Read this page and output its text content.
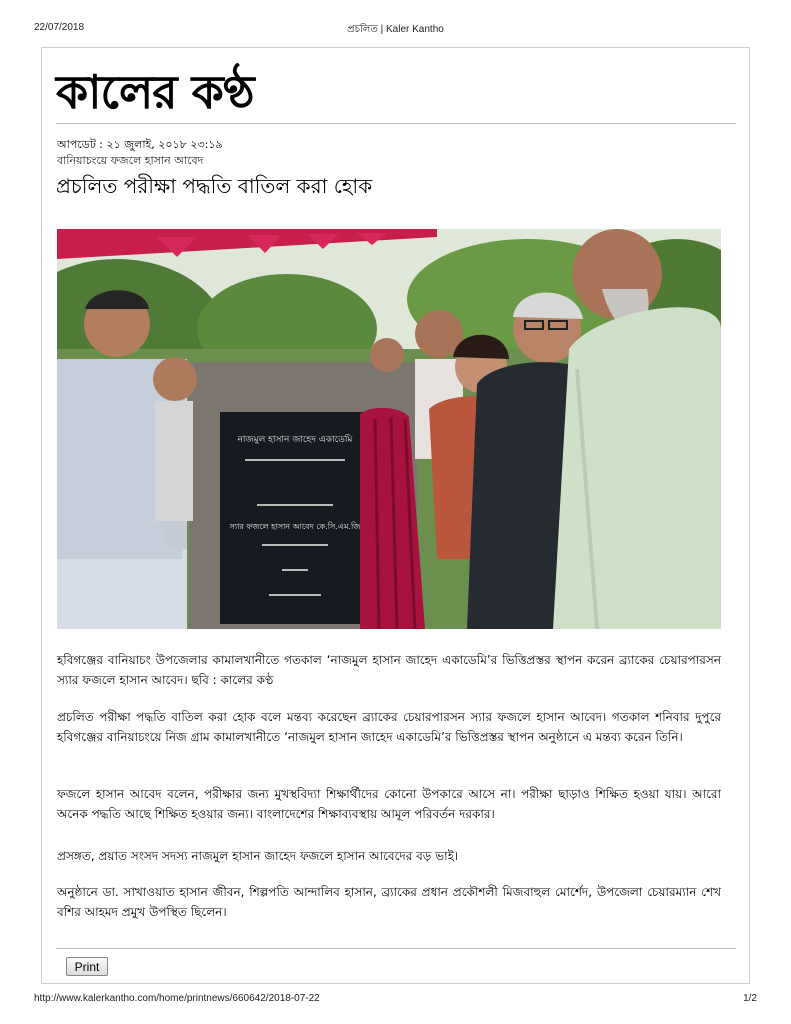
22/07/2018	প্রচলিত | Kaler Kantho
কালের কণ্ঠ
আপডেট : ২১ জুলাই, ২০১৮ ২৩:১৯
বানিয়াচংয়ে ফজলে হাসান আবেদ
প্রচলিত পরীক্ষা পদ্ধতি বাতিল করা হোক
নাজমুল হাসান জাহেদ একাডেমি
স্যার ফজলে হাসান আবেদ কে.সি.এম.জি
হবিগঞ্জের বানিয়াচং উপজেলার কামালখানীতে গতকাল ‘নাজমুল হাসান জাহেদ একাডেমি’র ভিত্তিপ্রস্তর স্থাপন করেন ব্র্যাকের চেয়ারপারসন স্যার ফজলে হাসান আবেদ। ছবি : কালের কণ্ঠ
প্রচলিত পরীক্ষা পদ্ধতি বাতিল করা হোক বলে মন্তব্য করেছেন ব্র্যাকের চেয়ারপারসন স্যার ফজলে হাসান আবেদ। গতকাল শনিবার দুপুরে হবিগঞ্জের বানিয়াচংয়ে নিজ গ্রাম কামালখানীতে ‘নাজমুল হাসান জাহেদ একাডেমি’র ভিত্তিপ্রস্তর স্থাপন অনুষ্ঠানে এ মন্তব্য করেন তিনি।
ফজলে হাসান আবেদ বলেন, পরীক্ষার জন্য মুখস্থবিদ্যা শিক্ষার্থীদের কোনো উপকারে আসে না। পরীক্ষা ছাড়াও শিক্ষিত হওয়া যায়। আরো অনেক পদ্ধতি আছে শিক্ষিত হওয়ার জন্য। বাংলাদেশের শিক্ষাব্যবস্থায় আমূল পরিবর্তন দরকার।
প্রসঙ্গত, প্রয়াত সংসদ সদস্য নাজমুল হাসান জাহেদ ফজলে হাসান আবেদের বড় ভাই।
অনুষ্ঠানে ডা. সাখাওয়াত হাসান জীবন, শিল্পপতি আন্দালিব হাসান, ব্র্যাকের প্রধান প্রকৌশলী মিজবাহুল মোর্শেদ, উপজেলা চেয়ারম্যান শেখ বশির আহমদ প্রমুখ উপস্থিত ছিলেন।
Print
http://www.kalerkantho.com/home/printnews/660642/2018-07-22	1/2
